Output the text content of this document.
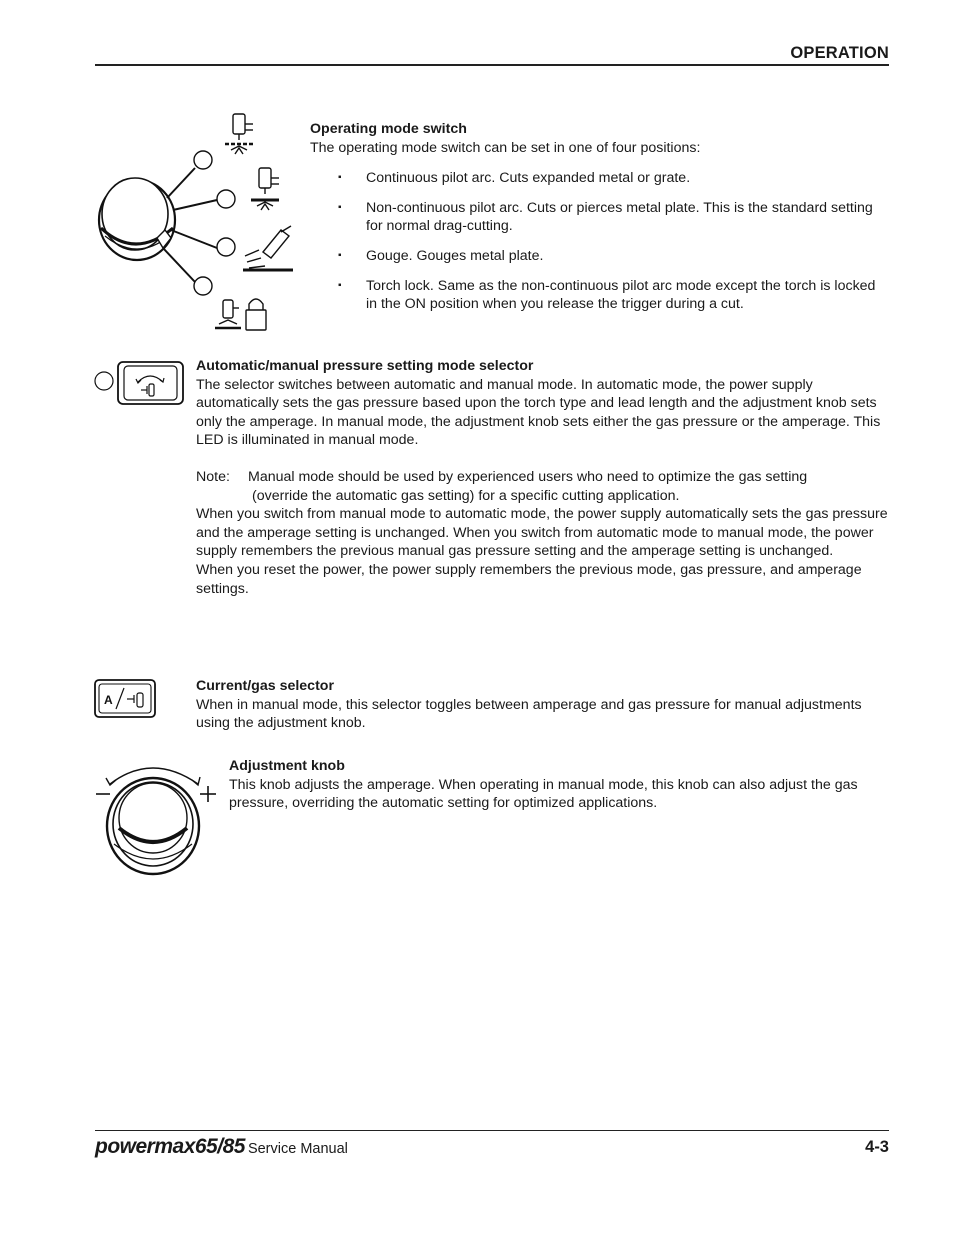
OPERATION

Operating mode switch

The operating mode switch can be set in one of four positions:

▪ Continuous pilot arc. Cuts expanded metal or grate.
▪ Non-continuous pilot arc. Cuts or pierces metal plate. This is the standard setting for normal drag-cutting.
▪ Gouge. Gouges metal plate.
▪ Torch lock. Same as the non-continuous pilot arc mode except the torch is locked in the ON position when you release the trigger during a cut.

Automatic/manual pressure setting mode selector

The selector switches between automatic and manual mode. In automatic mode, the power supply automatically sets the gas pressure based upon the torch type and lead length and the adjustment knob sets only the amperage. In manual mode, the adjustment knob sets either the gas pressure or the amperage. This LED is illuminated in manual mode.

Note:	Manual mode should be used by experienced users who need to optimize the gas setting
(override the automatic gas setting) for a specific cutting application.

When you switch from manual mode to automatic mode, the power supply automatically sets the gas pressure and the amperage setting is unchanged. When you switch from automatic mode to manual mode, the power supply remembers the previous manual gas pressure setting and the amperage setting is unchanged.

When you reset the power, the power supply remembers the previous mode, gas pressure, and amperage settings.

A

Current/gas selector

When in manual mode, this selector toggles between amperage and gas pressure for manual adjustments using the adjustment knob.

Adjustment knob

This knob adjusts the amperage. When operating in manual mode, this knob can also adjust the gas pressure, overriding the automatic setting for optimized applications.

powermax65/85 Service Manual	4-3
